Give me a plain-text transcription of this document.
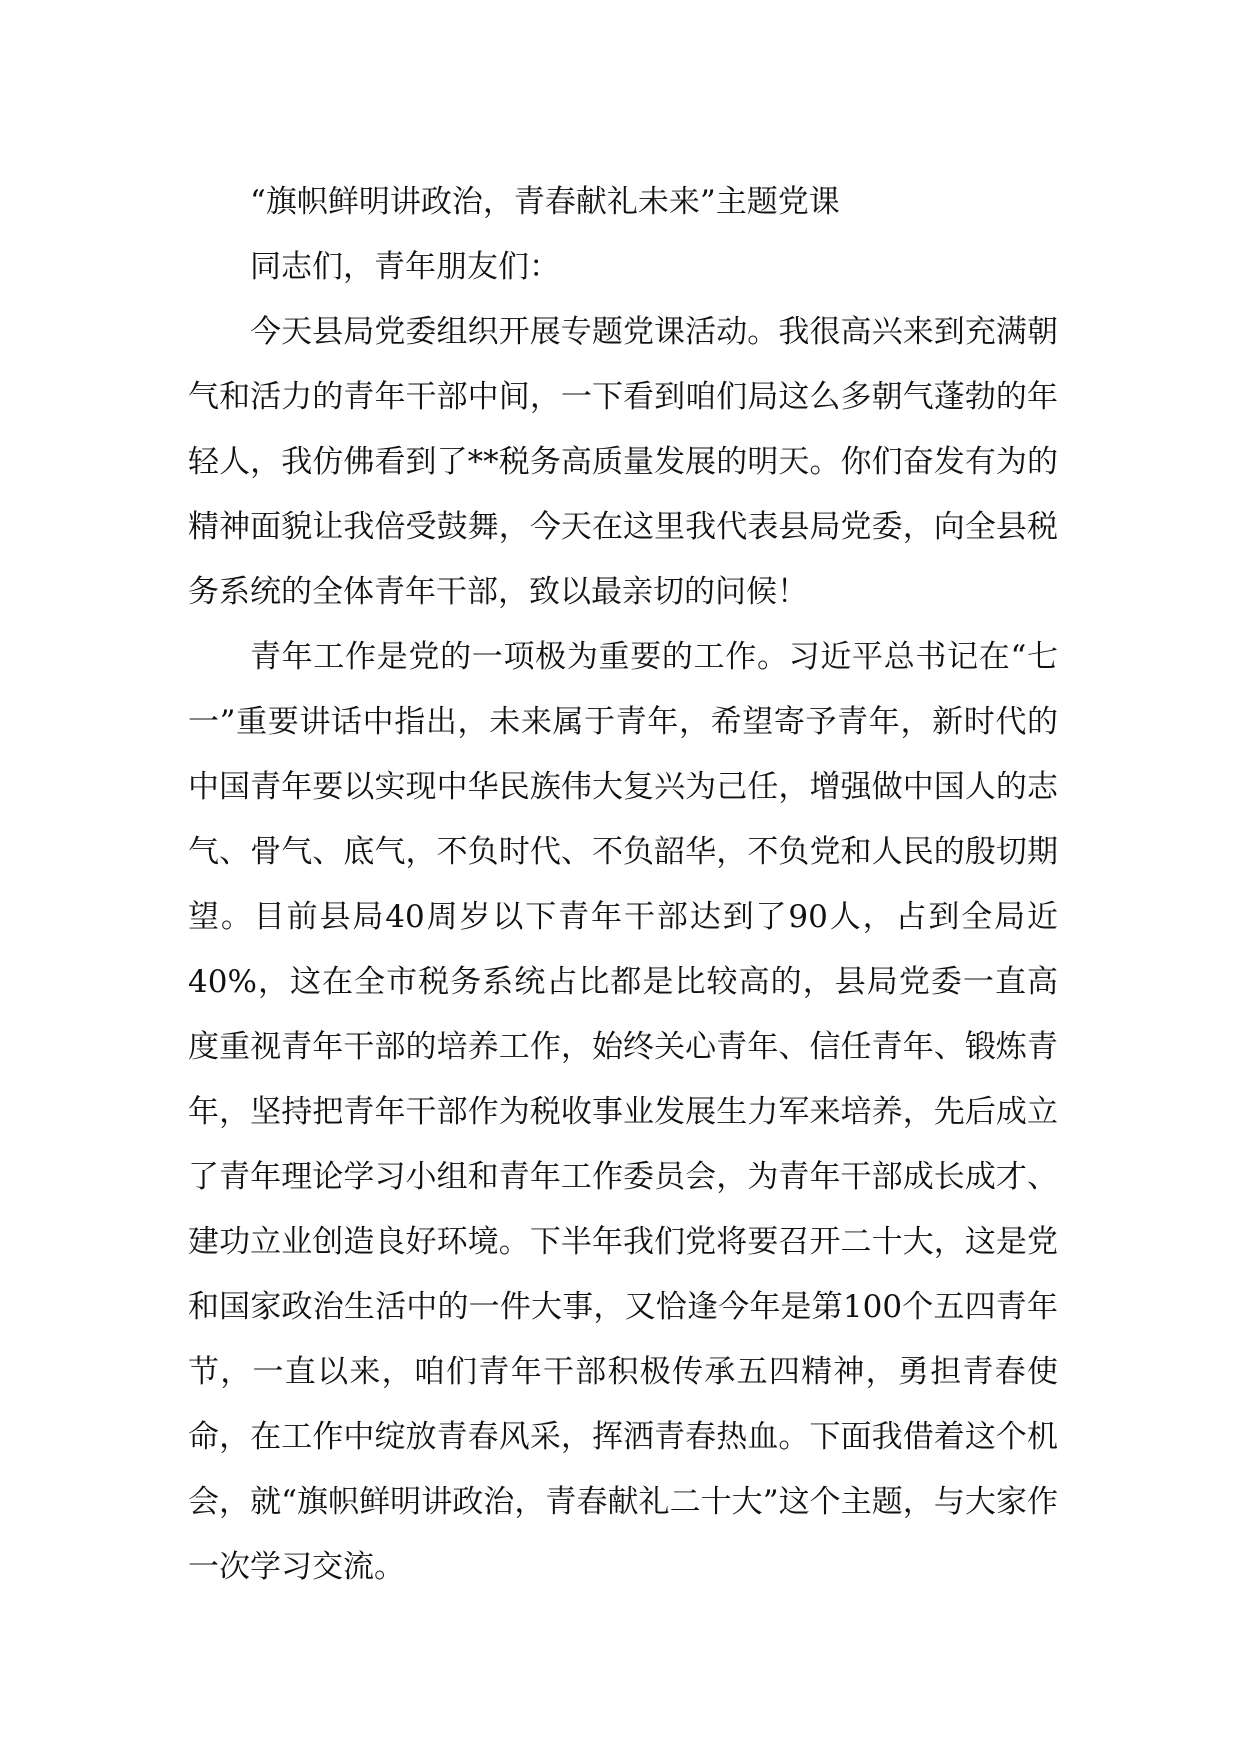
“旗帜鲜明讲政治，青春献礼未来”主题党课

同志们，青年朋友们：

今天县局党委组织开展专题党课活动。我很高兴来到充满朝气和活力的青年干部中间，一下看到咱们局这么多朝气蓬勃的年轻人，我仿佛看到了**税务高质量发展的明天。你们奋发有为的精神面貌让我倍受鼓舞，今天在这里我代表县局党委，向全县税务系统的全体青年干部，致以最亲切的问候！

青年工作是党的一项极为重要的工作。习近平总书记在“七一”重要讲话中指出，未来属于青年，希望寄予青年，新时代的中国青年要以实现中华民族伟大复兴为己任，增强做中国人的志气、骨气、底气，不负时代、不负韶华，不负党和人民的殷切期望。目前县局40周岁以下青年干部达到了90人，占到全局近40%，这在全市税务系统占比都是比较高的，县局党委一直高度重视青年干部的培养工作，始终关心青年、信任青年、锻炼青年，坚持把青年干部作为税收事业发展生力军来培养，先后成立了青年理论学习小组和青年工作委员会，为青年干部成长成才、建功立业创造良好环境。下半年我们党将要召开二十大，这是党和国家政治生活中的一件大事，又恰逢今年是第100个五四青年节，一直以来，咱们青年干部积极传承五四精神，勇担青春使命，在工作中绽放青春风采，挥洒青春热血。下面我借着这个机会，就“旗帜鲜明讲政治，青春献礼二十大”这个主题，与大家作一次学习交流。
